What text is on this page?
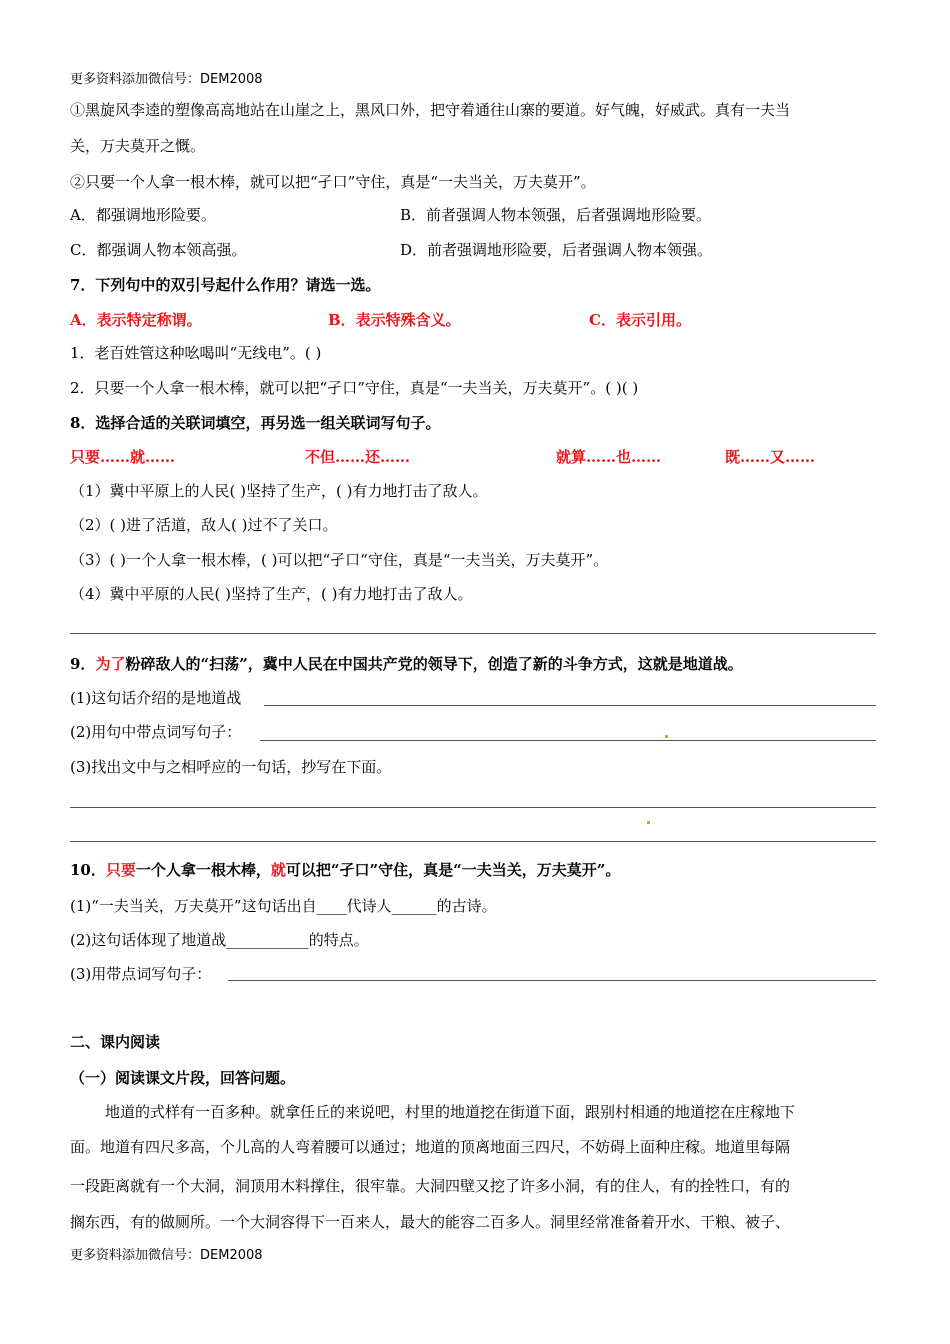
更多资料添加微信号：DEM2008
①黑旋风李逵的塑像高高地站在山崖之上，黑风口外，把守着通往山寨的要道。好气魄，好威武。真有一夫当
关，万夫莫开之慨。
②只要一个人拿一根木棒，就可以把“孑口”守住，真是“一夫当关，万夫莫开”。
A．都强调地形险要。	B．前者强调人物本领强，后者强调地形险要。
C．都强调人物本领高强。	D．前者强调地形险要，后者强调人物本领强。
7．下列句中的双引号起什么作用？请选一选。
A．表示特定称谓。	B．表示特殊含义。	C．表示引用。
1．老百姓管这种吆喝叫“无线电”。( )
2．只要一个人拿一根木棒，就可以把“孑口”守住，真是“一夫当关，万夫莫开”。( )( )
8．选择合适的关联词填空，再另选一组关联词写句子。
只要……就……	不但……还……	就算……也……	既……又……
（1）冀中平原上的人民( )坚持了生产，( )有力地打击了敌人。
（2）( )进了活道，敌人( )过不了关口。
（3）( )一个人拿一根木棒，( )可以把“孑口“守住，真是“一夫当关，万夫莫开”。
（4）冀中平原的人民( )坚持了生产，( )有力地打击了敌人。
9．为了粉碎敌人的“扫荡”，冀中人民在中国共产党的领导下，创造了新的斗争方式，这就是地道战。
(1)这句话介绍的是地道战
(2)用句中带点词写句子：
(3)找出文中与之相呼应的一句话，抄写在下面。
10．只要一个人拿一根木棒，就可以把“孑口”守住，真是“一夫当关，万夫莫开”。
(1)“一夫当关，万夫莫开”这句话出自____代诗人______的古诗。
(2)这句话体现了地道战___________的特点。
(3)用带点词写句子：
二、课内阅读
（一）阅读课文片段，回答问题。
地道的式样有一百多种。就拿任丘的来说吧，村里的地道挖在街道下面，跟别村相通的地道挖在庄稼地下
面。地道有四尺多高，个儿高的人弯着腰可以通过；地道的顶离地面三四尺，不妨碍上面种庄稼。地道里每隔
一段距离就有一个大洞，洞顶用木料撑住，很牢靠。大洞四壁又挖了许多小洞，有的住人，有的拴牲口，有的
搁东西，有的做厕所。一个大洞容得下一百来人，最大的能容二百多人。洞里经常准备着开水、干粮、被子、
更多资料添加微信号：DEM2008
